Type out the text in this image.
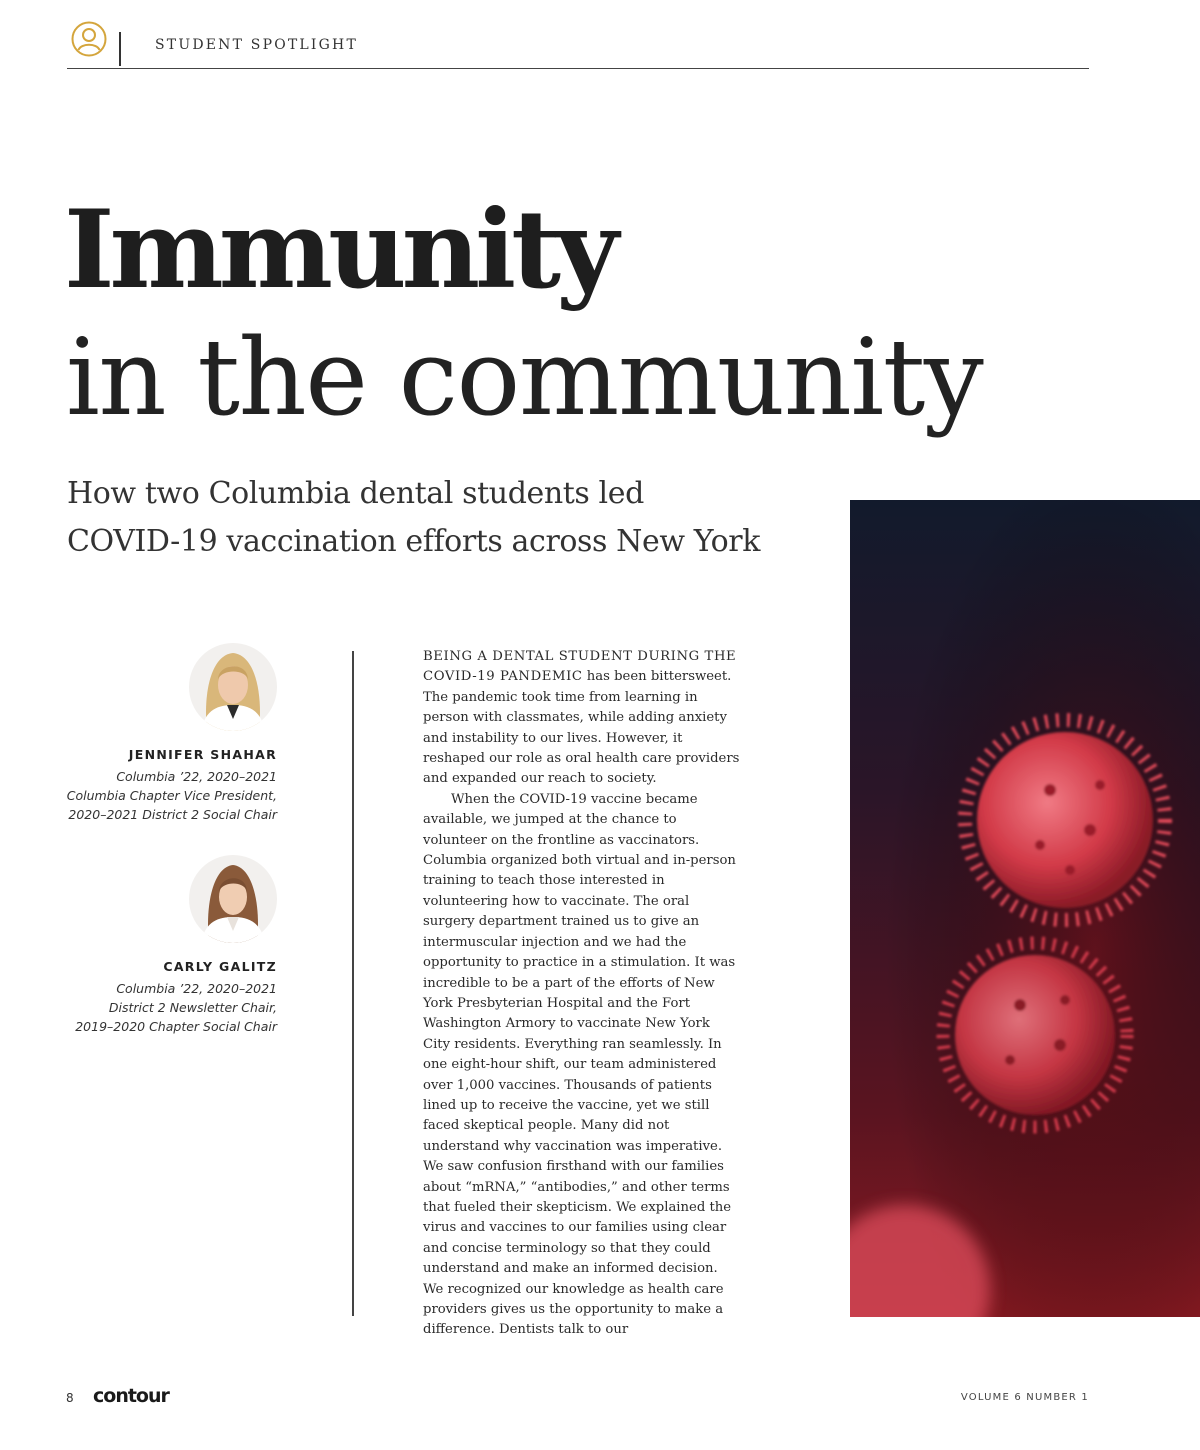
STUDENT SPOTLIGHT
Immunity
in the community
How two Columbia dental students led
COVID-19 vaccination efforts across New York
JENNIFER SHAHAR
Columbia ’22, 2020–2021
Columbia Chapter Vice President,
2020–2021 District 2 Social Chair
CARLY GALITZ
Columbia ’22, 2020–2021
District 2 Newsletter Chair,
2019–2020 Chapter Social Chair

BEING A DENTAL STUDENT DURING THE COVID-19 PANDEMIC has been bittersweet. The pandemic took time from learning in person with classmates, while adding anxiety and instability to our lives. However, it reshaped our role as oral health care providers and expanded our reach to society.

When the COVID-19 vaccine became available, we jumped at the chance to volunteer on the frontline as vaccinators. Columbia organized both virtual and in-person training to teach those interested in volunteering how to vaccinate. The oral surgery department trained us to give an intermuscular injection and we had the opportunity to practice in a stimulation. It was incredible to be a part of the efforts of New York Presbyterian Hospital and the Fort Washington Armory to vaccinate New York City residents. Everything ran seamlessly. In one eight-hour shift, our team administered over 1,000 vaccines. Thousands of patients lined up to receive the vaccine, yet we still faced skeptical people. Many did not understand why vaccination was imperative. We saw confusion firsthand with our families about “mRNA,” “antibodies,” and other terms that fueled their skepticism. We explained the virus and vaccines to our families using clear and concise terminology so that they could understand and make an informed decision. We recognized our knowledge as health care providers gives us the opportunity to make a difference. Dentists talk to our

8 contour	VOLUME 6 NUMBER 1
